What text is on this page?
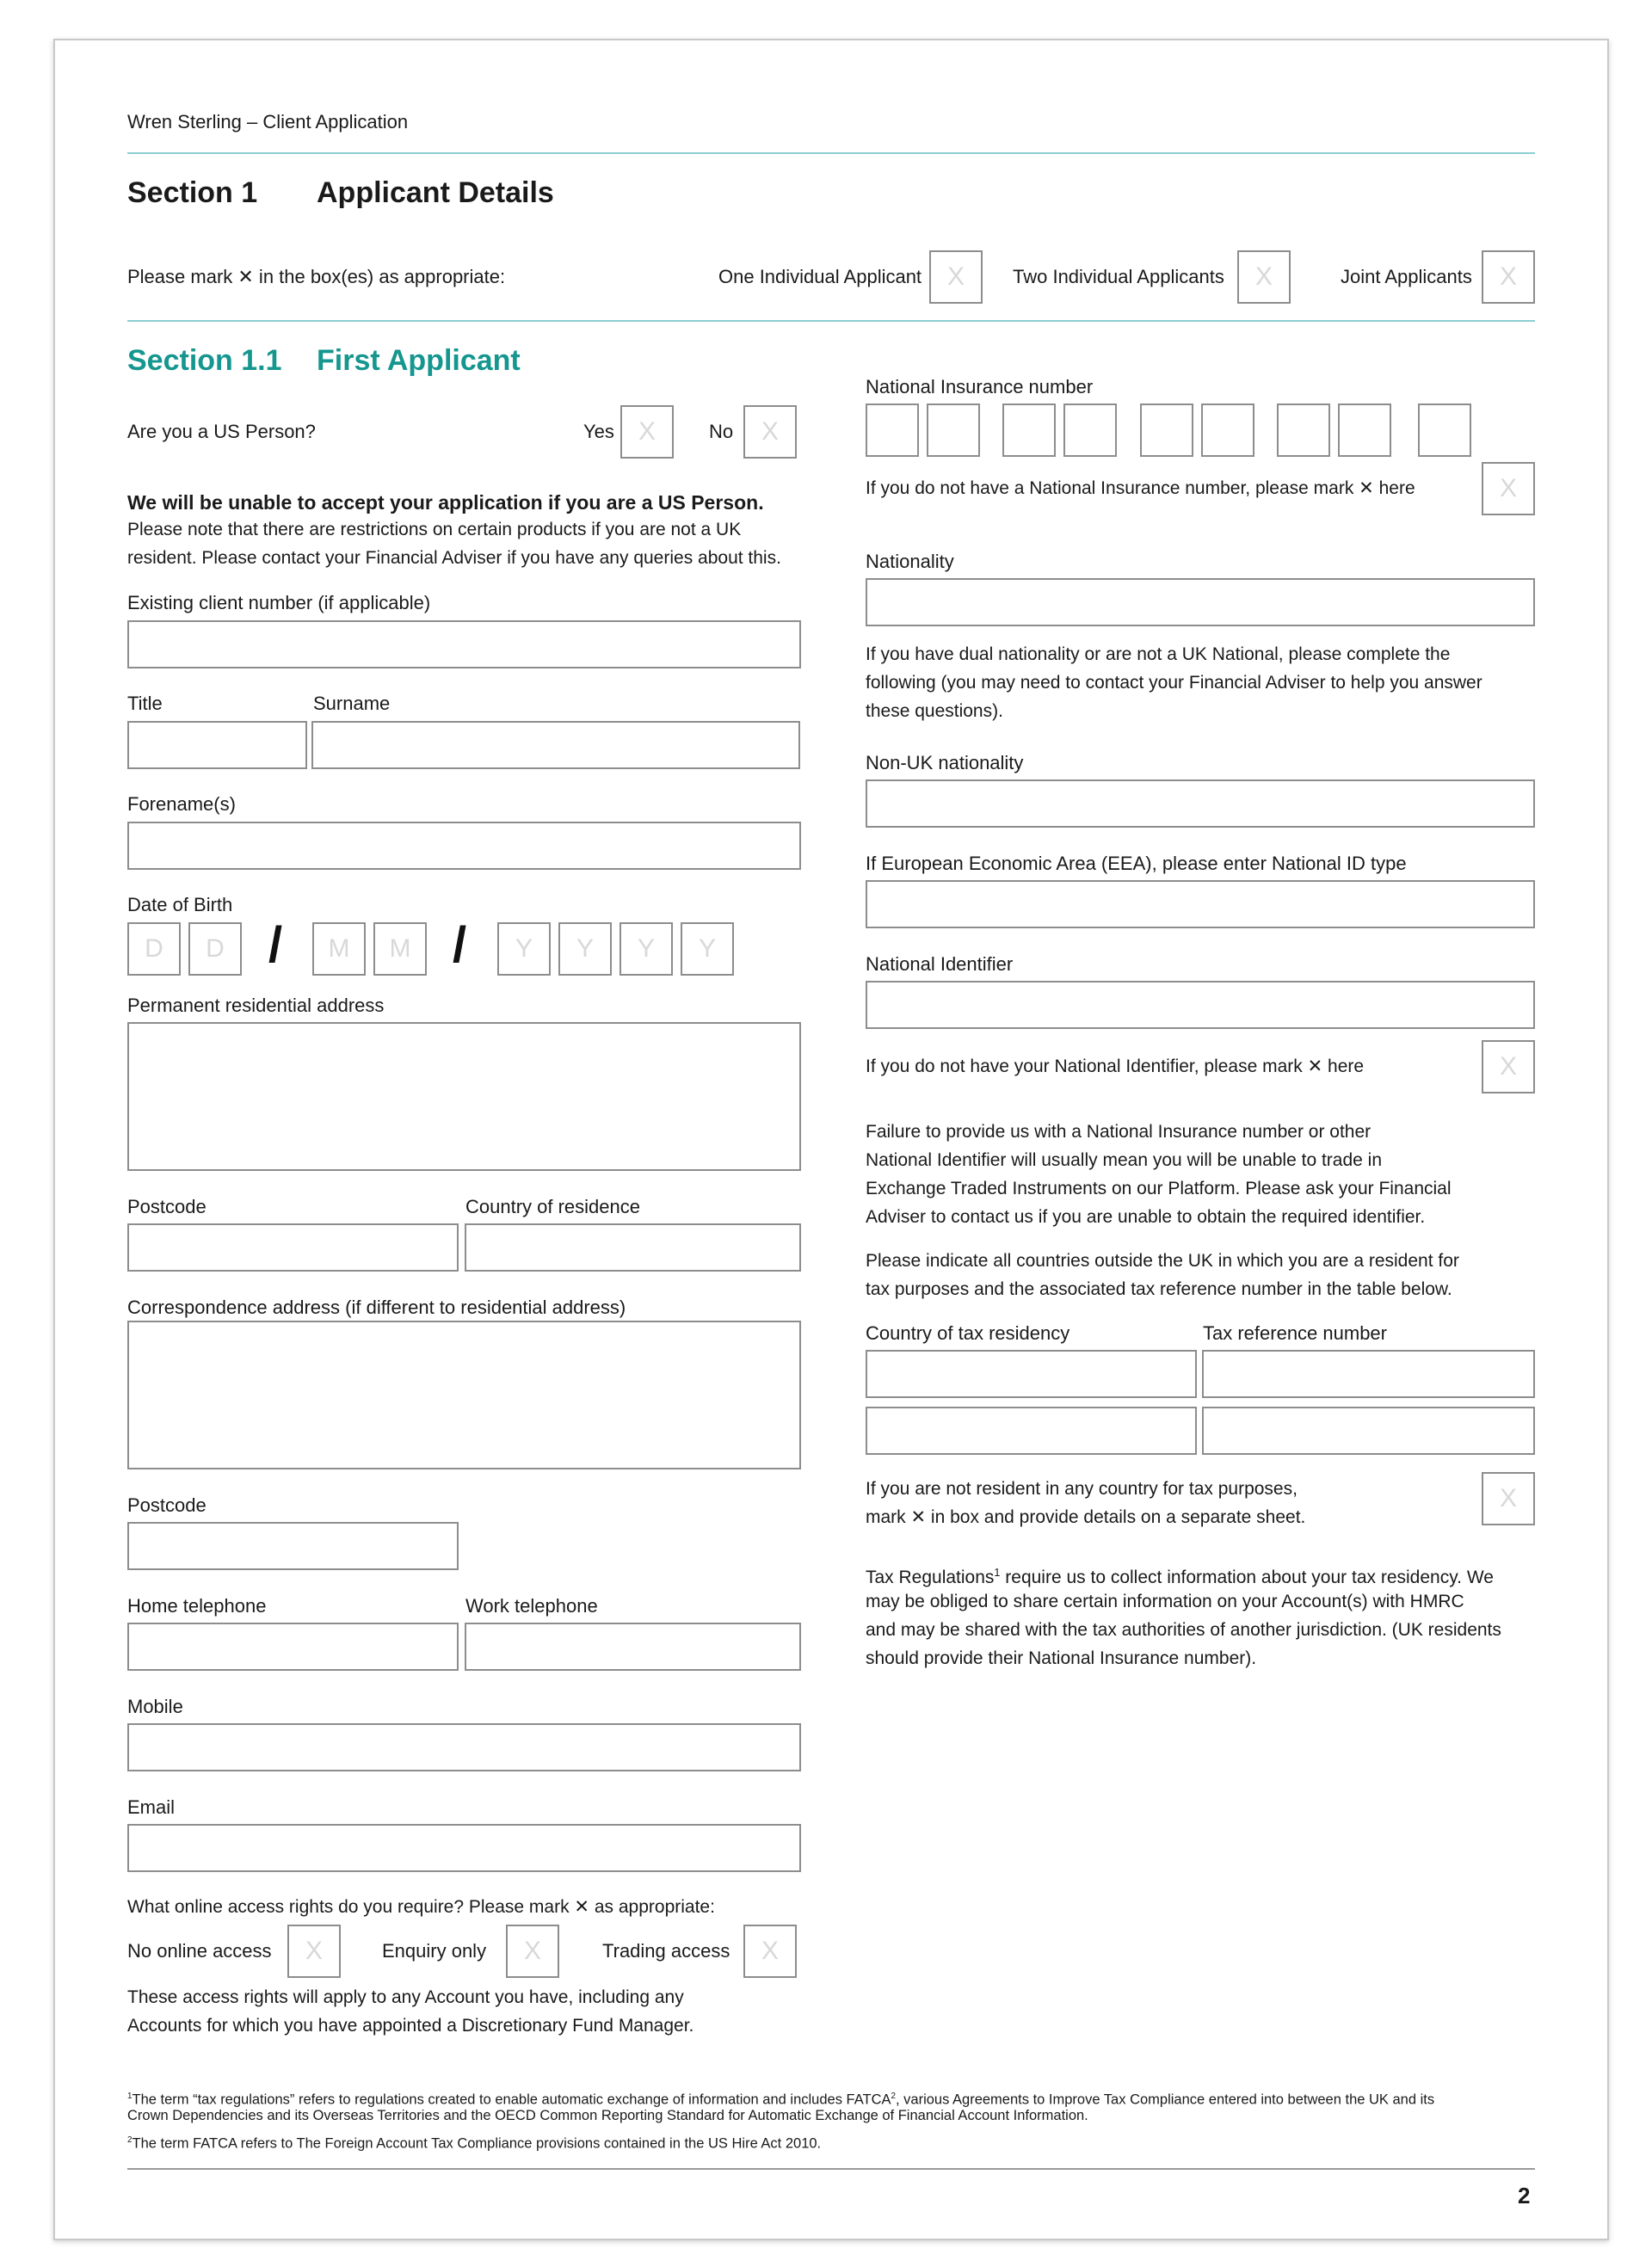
Wren Sterling – Client Application
Section 1 Applicant Details
Please mark ✕ in the box(es) as appropriate:	One Individual Applicant X	Two Individual Applicants	X	Joint Applicants	X
Section 1.1 First Applicant
Are you a US Person?	Yes X	No	X
We will be unable to accept your application if you are a US Person.
Please note that there are restrictions on certain products if you are not a UK
resident. Please contact your Financial Adviser if you have any queries about this.
Existing client number (if applicable)
Title	Surname
Forename(s)
Date of Birth
D	D /	M	M /	Y	Y	Y	Y
Permanent residential address
Postcode	Country of residence
Correspondence address (if different to residential address)
Postcode
Home telephone	Work telephone
Mobile
Email
What online access rights do you require? Please mark ✕ as appropriate:
No online access	X	Enquiry only	X	Trading access	X
These access rights will apply to any Account you have, including any
Accounts for which you have appointed a Discretionary Fund Manager.
National Insurance number
If you do not have a National Insurance number, please mark ✕ here	X
Nationality
If you have dual nationality or are not a UK National, please complete the
following (you may need to contact your Financial Adviser to help you answer
these questions).
Non-UK nationality
If European Economic Area (EEA), please enter National ID type
National Identifier
If you do not have your National Identifier, please mark ✕ here	X
Failure to provide us with a National Insurance number or other
National Identifier will usually mean you will be unable to trade in
Exchange Traded Instruments on our Platform. Please ask your Financial
Adviser to contact us if you are unable to obtain the required identifier.
Please indicate all countries outside the UK in which you are a resident for
tax purposes and the associated tax reference number in the table below.
Country of tax residency	Tax reference number
If you are not resident in any country for tax purposes,
mark ✕ in box and provide details on a separate sheet.
X
Tax Regulations$^1$ require us to collect information about your tax residency. We
may be obliged to share certain information on your Account(s) with HMRC
and may be shared with the tax authorities of another jurisdiction. (UK residents
should provide their National Insurance number).
$^1$The term “tax regulations” refers to regulations created to enable automatic exchange of information and includes FATCA$^2$, various Agreements to Improve Tax Compliance entered into between the UK and its
Crown Dependencies and its Overseas Territories and the OECD Common Reporting Standard for Automatic Exchange of Financial Account Information.
$^2$The term FATCA refers to The Foreign Account Tax Compliance provisions contained in the US Hire Act 2010.
2
